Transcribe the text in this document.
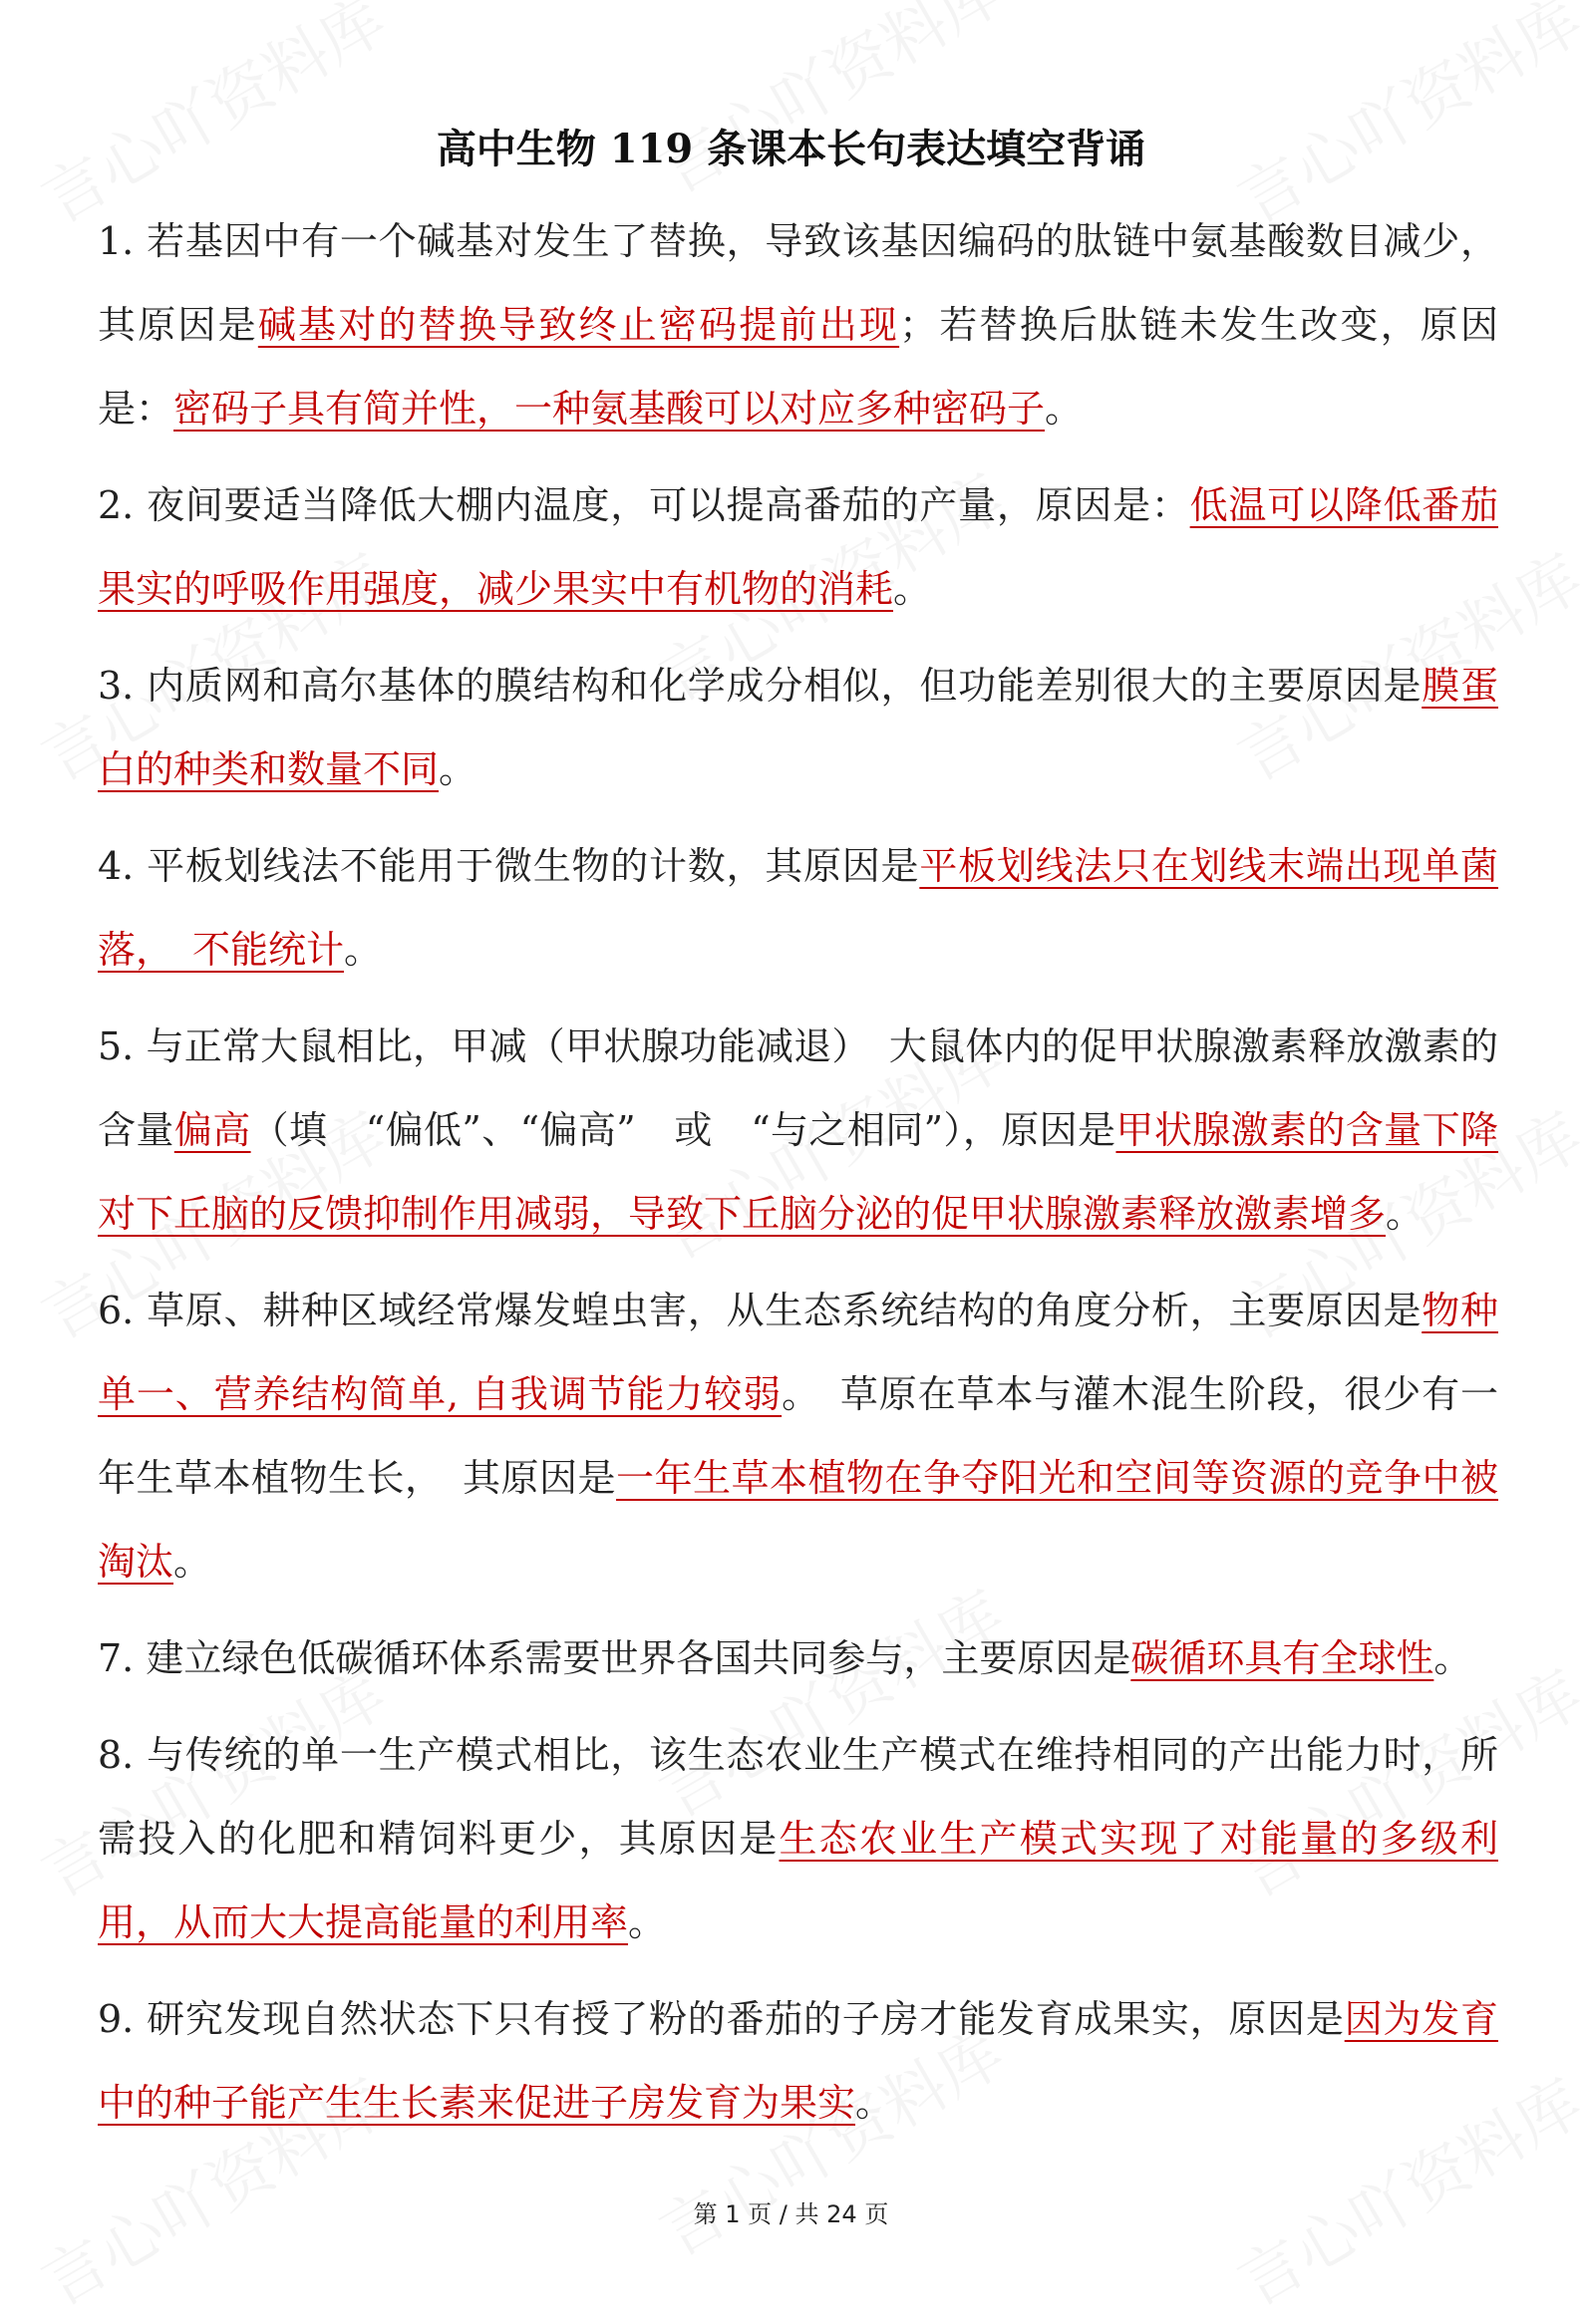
高中生物 119 条课本长句表达填空背诵

1. 若基因中有一个碱基对发生了替换，导致该基因编码的肽链中氨基酸数目减少，其原因是碱基对的替换导致终止密码提前出现；若替换后肽链未发生改变，原因是：密码子具有简并性，一种氨基酸可以对应多种密码子。

2. 夜间要适当降低大棚内温度，可以提高番茄的产量，原因是：低温可以降低番茄果实的呼吸作用强度，减少果实中有机物的消耗。

3. 内质网和高尔基体的膜结构和化学成分相似，但功能差别很大的主要原因是膜蛋白的种类和数量不同。

4. 平板划线法不能用于微生物的计数，其原因是平板划线法只在划线末端出现单菌落，　不能统计。

5. 与正常大鼠相比，甲减（甲状腺功能减退）　大鼠体内的促甲状腺激素释放激素的含量偏高（填　“偏低”、“偏高”　或　“与之相同”），原因是甲状腺激素的含量下降对下丘脑的反馈抑制作用减弱，导致下丘脑分泌的促甲状腺激素释放激素增多。

6. 草原、耕种区域经常爆发蝗虫害，从生态系统结构的角度分析，主要原因是物种单一、营养结构简单, 自我调节能力较弱。　草原在草本与灌木混生阶段，很少有一年生草本植物生长，　其原因是一年生草本植物在争夺阳光和空间等资源的竞争中被淘汰。

7. 建立绿色低碳循环体系需要世界各国共同参与，主要原因是碳循环具有全球性。

8. 与传统的单一生产模式相比，该生态农业生产模式在维持相同的产出能力时，所需投入的化肥和精饲料更少，其原因是生态农业生产模式实现了对能量的多级利用，从而大大提高能量的利用率。

9. 研究发现自然状态下只有授了粉的番茄的子房才能发育成果实，原因是因为发育中的种子能产生生长素来促进子房发育为果实。

第 1 页 / 共 24 页
